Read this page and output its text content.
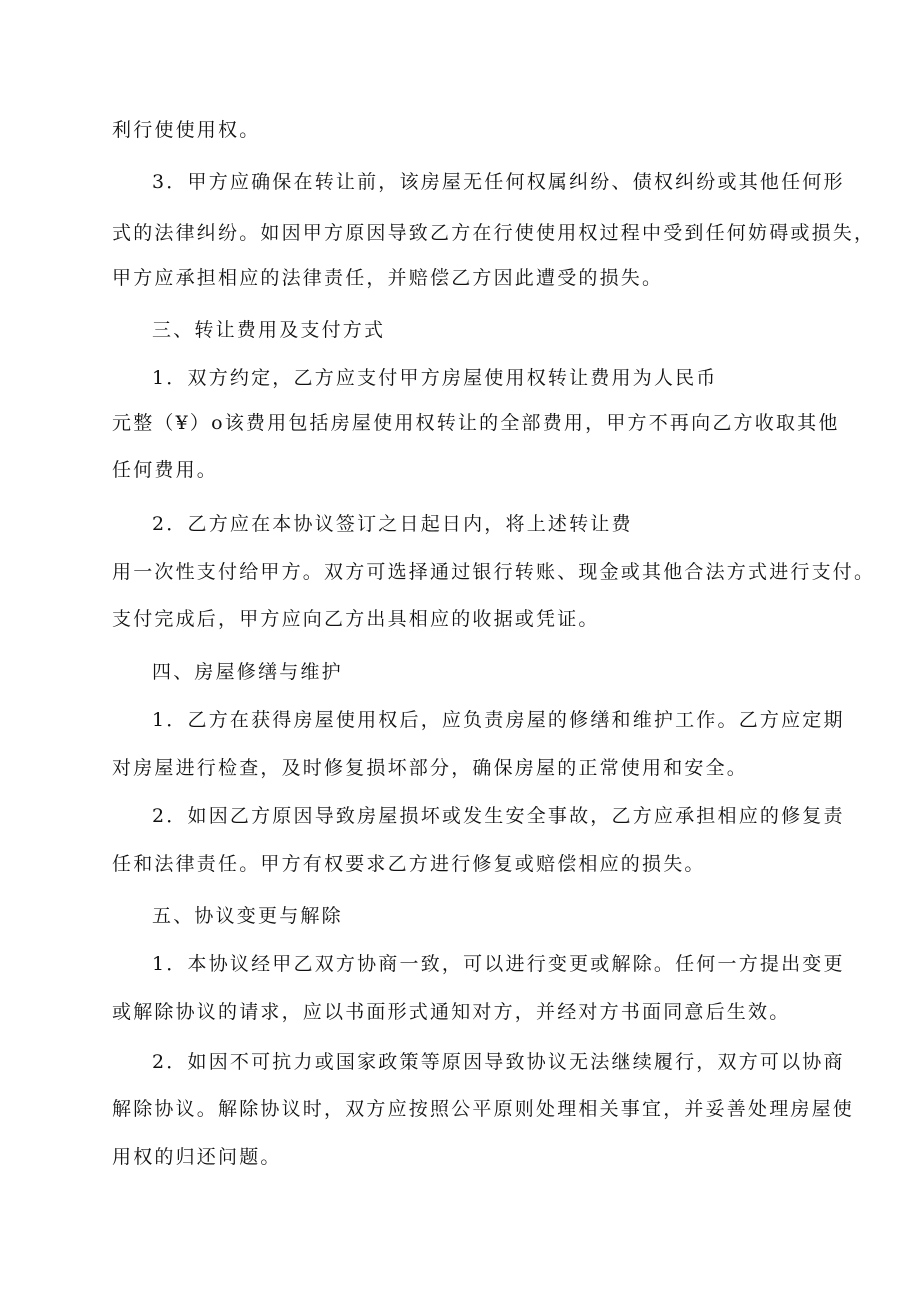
利行使使用权。
3．甲方应确保在转让前，该房屋无任何权属纠纷、债权纠纷或其他任何形
式的法律纠纷。如因甲方原因导致乙方在行使使用权过程中受到任何妨碍或损失，
甲方应承担相应的法律责任，并赔偿乙方因此遭受的损失。
三、转让费用及支付方式
1．双方约定，乙方应支付甲方房屋使用权转让费用为人民币
元整（¥）o该费用包括房屋使用权转让的全部费用，甲方不再向乙方收取其他
任何费用。
2．乙方应在本协议签订之日起日内，将上述转让费
用一次性支付给甲方。双方可选择通过银行转账、现金或其他合法方式进行支付。
支付完成后，甲方应向乙方出具相应的收据或凭证。
四、房屋修缮与维护
1．乙方在获得房屋使用权后，应负责房屋的修缮和维护工作。乙方应定期
对房屋进行检查，及时修复损坏部分，确保房屋的正常使用和安全。
2．如因乙方原因导致房屋损坏或发生安全事故，乙方应承担相应的修复责
任和法律责任。甲方有权要求乙方进行修复或赔偿相应的损失。
五、协议变更与解除
1．本协议经甲乙双方协商一致，可以进行变更或解除。任何一方提出变更
或解除协议的请求，应以书面形式通知对方，并经对方书面同意后生效。
2．如因不可抗力或国家政策等原因导致协议无法继续履行，双方可以协商
解除协议。解除协议时，双方应按照公平原则处理相关事宜，并妥善处理房屋使
用权的归还问题。
